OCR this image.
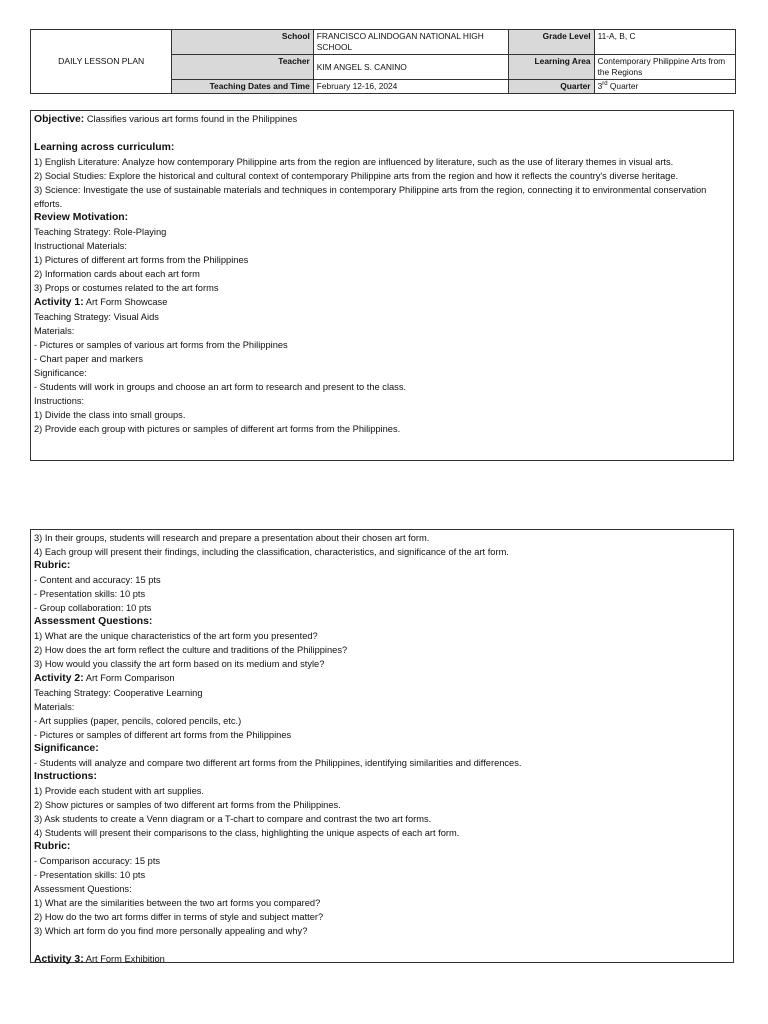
DAILY LESSON PLAN	School	FRANCISCO ALINDOGAN NATIONAL HIGH SCHOOL	Grade Level	11-A, B, C
	Teacher	KIM ANGEL S. CANINO	Learning Area	Contemporary Philippine Arts from the Regions
	Teaching Dates and Time	February 12-16, 2024	Quarter	3rd Quarter
Objective: Classifies various art forms found in the Philippines
Learning across curriculum:
1) English Literature: Analyze how contemporary Philippine arts from the region are influenced by literature, such as the use of literary themes in visual arts.
2) Social Studies: Explore the historical and cultural context of contemporary Philippine arts from the region and how it reflects the country's diverse heritage.
3) Science: Investigate the use of sustainable materials and techniques in contemporary Philippine arts from the region, connecting it to environmental conservation efforts.
Review Motivation:
Teaching Strategy: Role-Playing
Instructional Materials:
1) Pictures of different art forms from the Philippines
2) Information cards about each art form
3) Props or costumes related to the art forms
Activity 1: Art Form Showcase
Teaching Strategy: Visual Aids
Materials:
- Pictures or samples of various art forms from the Philippines
- Chart paper and markers
Significance:
- Students will work in groups and choose an art form to research and present to the class.
Instructions:
1) Divide the class into small groups.
2) Provide each group with pictures or samples of different art forms from the Philippines.
3) In their groups, students will research and prepare a presentation about their chosen art form.
4) Each group will present their findings, including the classification, characteristics, and significance of the art form.
Rubric:
- Content and accuracy: 15 pts
- Presentation skills: 10 pts
- Group collaboration: 10 pts
Assessment Questions:
1) What are the unique characteristics of the art form you presented?
2) How does the art form reflect the culture and traditions of the Philippines?
3) How would you classify the art form based on its medium and style?
Activity 2: Art Form Comparison
Teaching Strategy: Cooperative Learning
Materials:
- Art supplies (paper, pencils, colored pencils, etc.)
- Pictures or samples of different art forms from the Philippines
Significance:
- Students will analyze and compare two different art forms from the Philippines, identifying similarities and differences.
Instructions:
1) Provide each student with art supplies.
2) Show pictures or samples of two different art forms from the Philippines.
3) Ask students to create a Venn diagram or a T-chart to compare and contrast the two art forms.
4) Students will present their comparisons to the class, highlighting the unique aspects of each art form.
Rubric:
- Comparison accuracy: 15 pts
- Presentation skills: 10 pts
Assessment Questions:
1) What are the similarities between the two art forms you compared?
2) How do the two art forms differ in terms of style and subject matter?
3) Which art form do you find more personally appealing and why?
Activity 3: Art Form Exhibition
